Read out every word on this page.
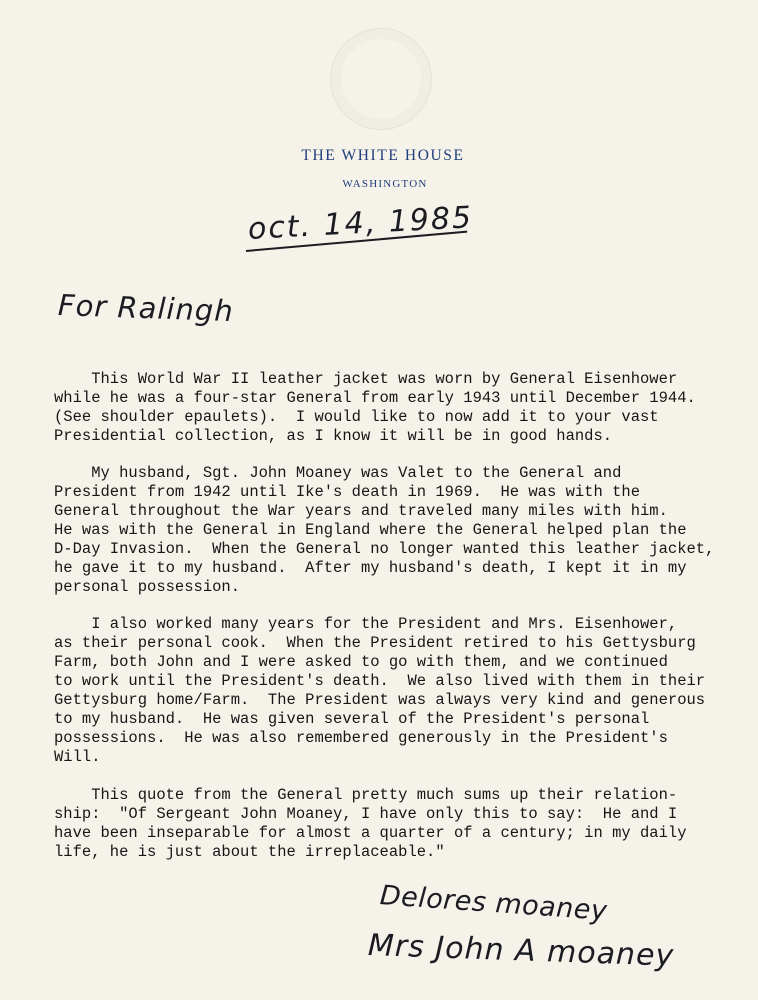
THE WHITE HOUSE
WASHINGTON
oct. 14, 1985
For Ralingh
This World War II leather jacket was worn by General Eisenhower
while he was a four-star General from early 1943 until December 1944.
(See shoulder epaulets).  I would like to now add it to your vast
Presidential collection, as I know it will be in good hands.
My husband, Sgt. John Moaney was Valet to the General and
President from 1942 until Ike's death in 1969.  He was with the
General throughout the War years and traveled many miles with him.
He was with the General in England where the General helped plan the
D-Day Invasion.  When the General no longer wanted this leather jacket,
he gave it to my husband.  After my husband's death, I kept it in my
personal possession.
I also worked many years for the President and Mrs. Eisenhower,
as their personal cook.  When the President retired to his Gettysburg
Farm, both John and I were asked to go with them, and we continued
to work until the President's death.  We also lived with them in their
Gettysburg home/Farm.  The President was always very kind and generous
to my husband.  He was given several of the President's personal
possessions.  He was also remembered generously in the President's
Will.
This quote from the General pretty much sums up their relation-
ship:  "Of Sergeant John Moaney, I have only this to say:  He and I
have been inseparable for almost a quarter of a century; in my daily
life, he is just about the irreplaceable."
Delores moaney
Mrs John A moaney
